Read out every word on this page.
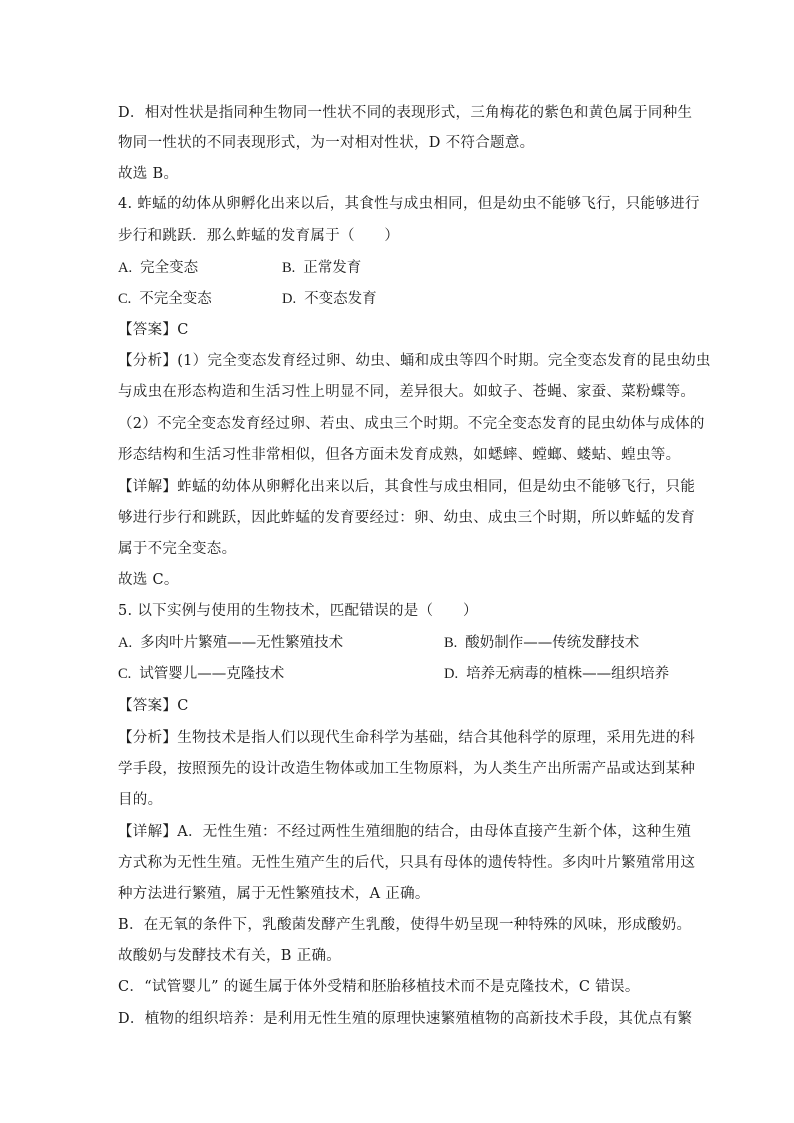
D．相对性状是指同种生物同一性状不同的表现形式，三角梅花的紫色和黄色属于同种生
物同一性状的不同表现形式，为一对相对性状，D 不符合题意。
故选 B。
4. 蚱蜢的幼体从卵孵化出来以后，其食性与成虫相同，但是幼虫不能够飞行，只能够进行
步行和跳跃．那么蚱蜢的发育属于（　　）
A. 完全变态	B. 正常发育
C. 不完全变态	D. 不变态发育
【答案】C
【分析】(1）完全变态发育经过卵、幼虫、蛹和成虫等四个时期。完全变态发育的昆虫幼虫
与成虫在形态构造和生活习性上明显不同，差异很大。如蚊子、苍蝇、家蚕、菜粉蝶等。
（2）不完全变态发育经过卵、若虫、成虫三个时期。不完全变态发育的昆虫幼体与成体的
形态结构和生活习性非常相似，但各方面未发育成熟，如蟋蟀、螳螂、蝼蛄、蝗虫等。
【详解】蚱蜢的幼体从卵孵化出来以后，其食性与成虫相同，但是幼虫不能够飞行，只能
够进行步行和跳跃，因此蚱蜢的发育要经过：卵、幼虫、成虫三个时期，所以蚱蜢的发育
属于不完全变态。
故选 C。
5. 以下实例与使用的生物技术，匹配错误的是（　　）
A. 多肉叶片繁殖——无性繁殖技术	B. 酸奶制作——传统发酵技术
C. 试管婴儿——克隆技术	D. 培养无病毒的植株——组织培养
【答案】C
【分析】生物技术是指人们以现代生命科学为基础，结合其他科学的原理，采用先进的科
学手段，按照预先的设计改造生物体或加工生物原料，为人类生产出所需产品或达到某种
目的。
【详解】A．无性生殖：不经过两性生殖细胞的结合，由母体直接产生新个体，这种生殖
方式称为无性生殖。无性生殖产生的后代，只具有母体的遗传特性。多肉叶片繁殖常用这
种方法进行繁殖，属于无性繁殖技术，A 正确。
B．在无氧的条件下，乳酸菌发酵产生乳酸，使得牛奶呈现一种特殊的风味，形成酸奶。
故酸奶与发酵技术有关，B 正确。
C．“试管婴儿” 的诞生属于体外受精和胚胎移植技术而不是克隆技术，C 错误。
D．植物的组织培养：是利用无性生殖的原理快速繁殖植物的高新技术手段，其优点有繁
